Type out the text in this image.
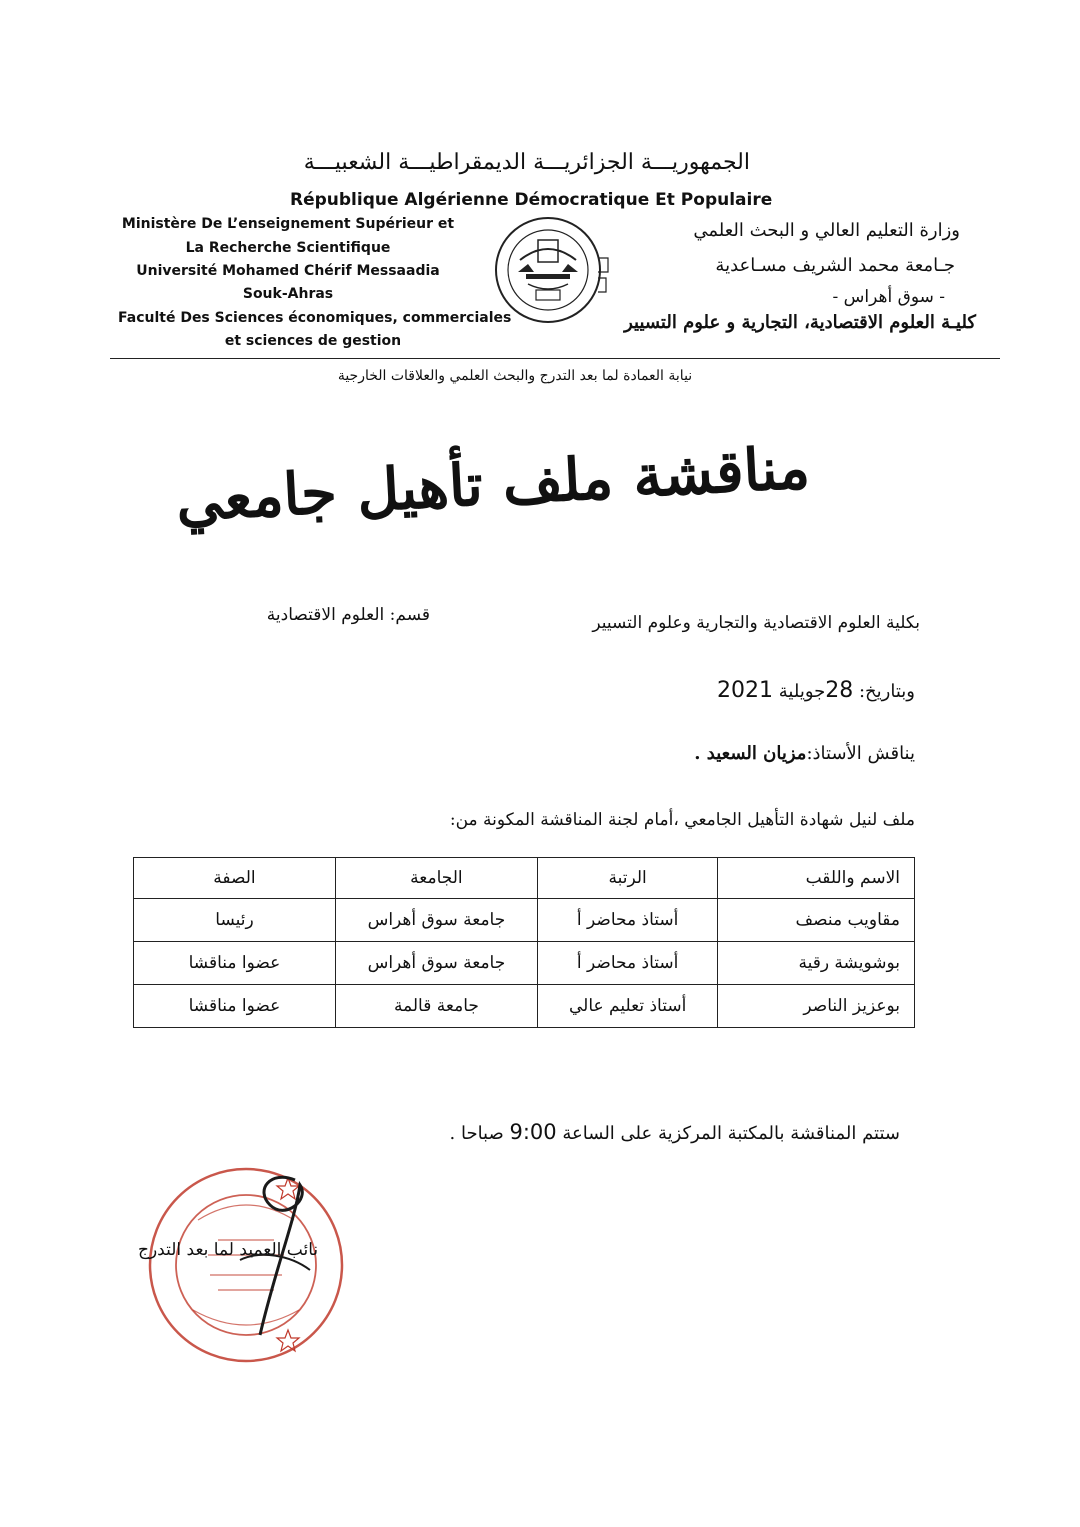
الجمهوريـــة الجزائريـــة الديمقراطيـــة الشعبيـــة
République Algérienne Démocratique Et Populaire
Ministère De L’enseignement Supérieur et
La Recherche Scientifique
Université Mohamed Chérif Messaadia
Souk-Ahras
Faculté Des Sciences économiques, commerciales
et sciences de gestion
وزارة التعليم العالي و البحث العلمي
جـامعة محمد الشريف مسـاعدية
- سوق أهراس -
كليـة العلوم الاقتصادية، التجارية و علوم التسيير
نيابة العمادة لما بعد التدرج والبحث العلمي والعلاقات الخارجية
مناقشة ملف تأهيل جامعي
بكلية العلوم الاقتصادية والتجارية وعلوم التسيير
قسم: العلوم الاقتصادية
وبتاريخ: 28جويلية 2021
يناقش الأستاذ:مزيان السعيد .
ملف لنيل شهادة التأهيل الجامعي ،أمام لجنة المناقشة المكونة من:
الاسم واللقب	الرتبة	الجامعة	الصفة
مقاويب منصف	أستاذ محاضر أ	جامعة سوق أهراس	رئيسا
بوشويشة رقية	أستاذ محاضر أ	جامعة سوق أهراس	عضوا مناقشا
بوعزيز الناصر	أستاذ تعليم عالي	جامعة قالمة	عضوا مناقشا
ستتم المناقشة بالمكتبة المركزية على الساعة 9:00 صباحا .
نائب العميد لما بعد التدرج
